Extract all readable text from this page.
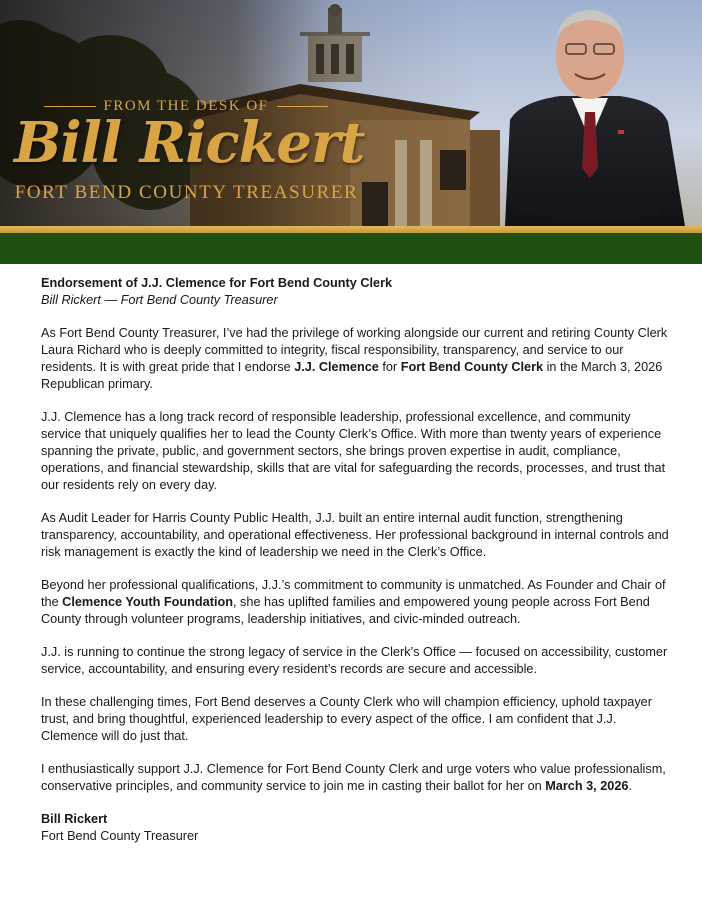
FROM THE DESK OF
Bill Rickert
FORT BEND COUNTY TREASURER

Endorsement of J.J. Clemence for Fort Bend County Clerk

Bill Rickert — Fort Bend County Treasurer

As Fort Bend County Treasurer, I’ve had the privilege of working alongside our current and retiring County Clerk Laura Richard who is deeply committed to integrity, fiscal responsibility, transparency, and service to our residents. It is with great pride that I endorse J.J. Clemence for Fort Bend County Clerk in the March 3, 2026 Republican primary.

J.J. Clemence has a long track record of responsible leadership, professional excellence, and community service that uniquely qualifies her to lead the County Clerk’s Office. With more than twenty years of experience spanning the private, public, and government sectors, she brings proven expertise in audit, compliance, operations, and financial stewardship, skills that are vital for safeguarding the records, processes, and trust that our residents rely on every day.

As Audit Leader for Harris County Public Health, J.J. built an entire internal audit function, strengthening transparency, accountability, and operational effectiveness. Her professional background in internal controls and risk management is exactly the kind of leadership we need in the Clerk’s Office.

Beyond her professional qualifications, J.J.’s commitment to community is unmatched. As Founder and Chair of the Clemence Youth Foundation, she has uplifted families and empowered young people across Fort Bend County through volunteer programs, leadership initiatives, and civic-minded outreach.

J.J. is running to continue the strong legacy of service in the Clerk’s Office — focused on accessibility, customer service, accountability, and ensuring every resident’s records are secure and accessible.

In these challenging times, Fort Bend deserves a County Clerk who will champion efficiency, uphold taxpayer trust, and bring thoughtful, experienced leadership to every aspect of the office. I am confident that J.J. Clemence will do just that.

I enthusiastically support J.J. Clemence for Fort Bend County Clerk and urge voters who value professionalism, conservative principles, and community service to join me in casting their ballot for her on March 3, 2026.

Bill Rickert

Fort Bend County Treasurer
